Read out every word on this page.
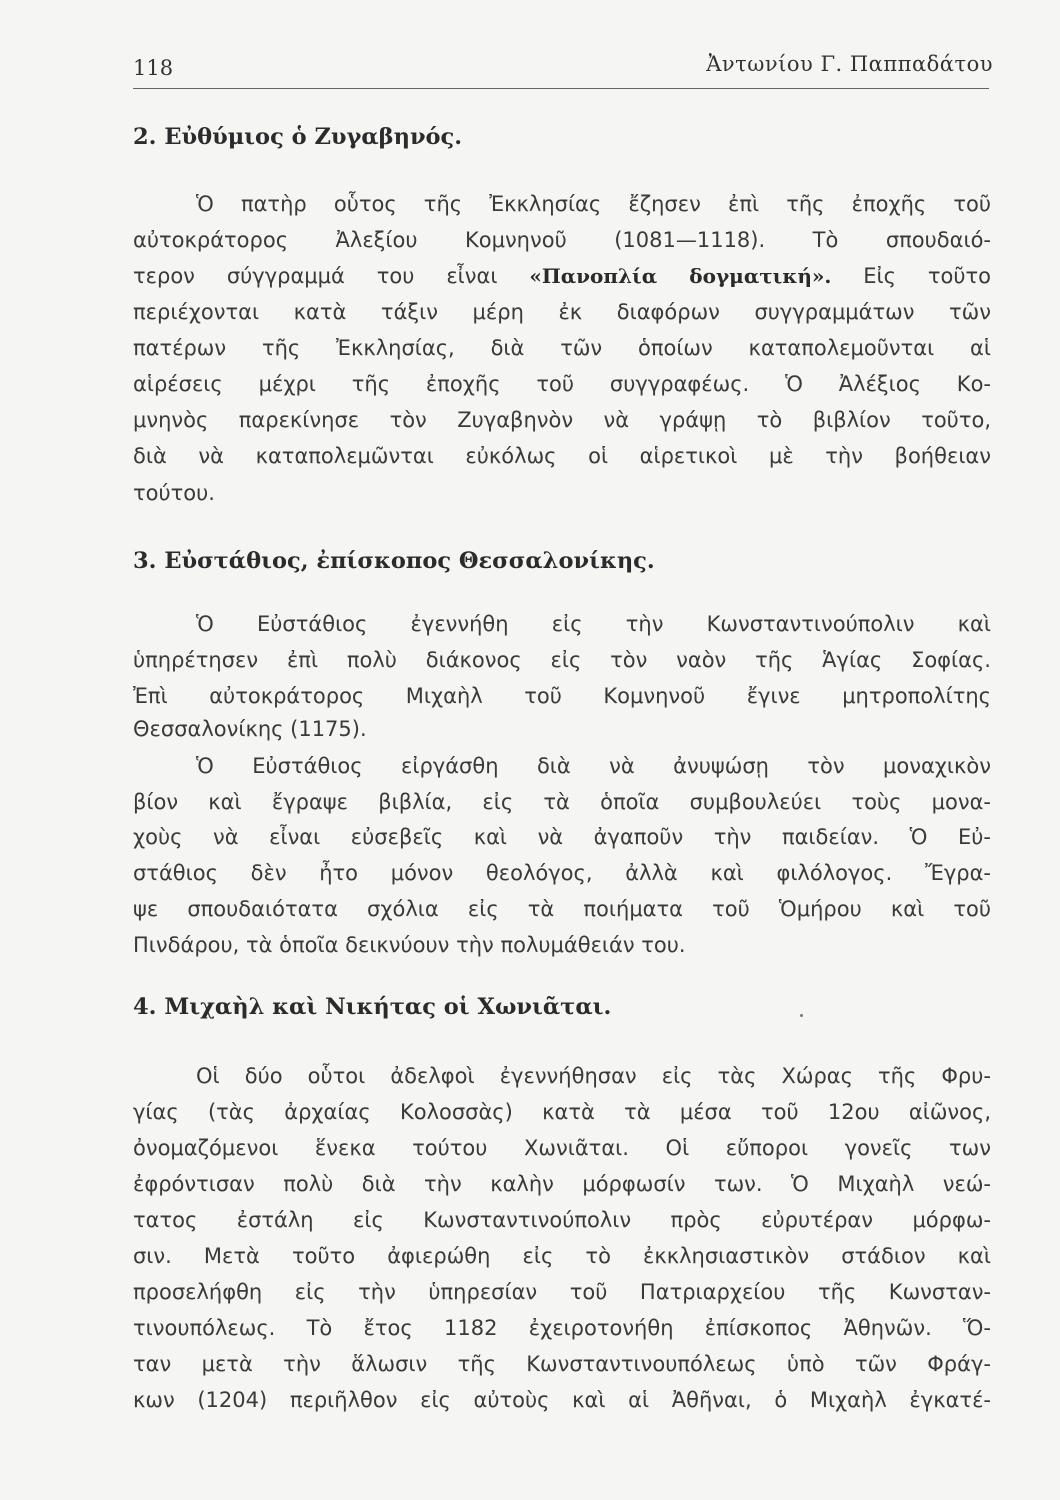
118	Ἀντωνίου Γ. Παππαδάτου
2. Εὐθύμιος ὁ Ζυγαβηνός.
Ὁ πατὴρ οὗτος τῆς Ἐκκλησίας ἔζησεν ἐπὶ τῆς ἐποχῆς τοῦ
αὐτοκράτορος Ἀλεξίου Κομνηνοῦ (1081—1118). Τὸ σπουδαιό-
τερον σύγγραμμά του εἶναι «Πανοπλία δογματική». Εἰς τοῦτο
περιέχονται κατὰ τάξιν μέρη ἐκ διαφόρων συγγραμμάτων τῶν
πατέρων τῆς Ἐκκλησίας, διὰ τῶν ὁποίων καταπολεμοῦνται αἱ
αἱρέσεις μέχρι τῆς ἐποχῆς τοῦ συγγραφέως. Ὁ Ἀλέξιος Κο-
μνηνὸς παρεκίνησε τὸν Ζυγαβηνὸν νὰ γράψῃ τὸ βιβλίον τοῦτο,
διὰ νὰ καταπολεμῶνται εὐκόλως οἱ αἱρετικοὶ μὲ τὴν βοήθειαν
τούτου.
3. Εὐστάθιος, ἐπίσκοπος Θεσσαλονίκης.
Ὁ Εὐστάθιος ἐγεννήθη εἰς τὴν Κωνσταντινούπολιν καὶ
ὑπηρέτησεν ἐπὶ πολὺ διάκονος εἰς τὸν ναὸν τῆς Ἁγίας Σοφίας.
Ἐπὶ αὐτοκράτορος Μιχαὴλ τοῦ Κομνηνοῦ ἔγινε μητροπολίτης
Θεσσαλονίκης (1175).
Ὁ Εὐστάθιος εἰργάσθη διὰ νὰ ἀνυψώσῃ τὸν μοναχικὸν
βίον καὶ ἔγραψε βιβλία, εἰς τὰ ὁποῖα συμβουλεύει τοὺς μονα-
χοὺς νὰ εἶναι εὐσεβεῖς καὶ νὰ ἀγαποῦν τὴν παιδείαν. Ὁ Εὐ-
στάθιος δὲν ἦτο μόνον θεολόγος, ἀλλὰ καὶ φιλόλογος. Ἔγρα-
ψε σπουδαιότατα σχόλια εἰς τὰ ποιήματα τοῦ Ὁμήρου καὶ τοῦ
Πινδάρου, τὰ ὁποῖα δεικνύουν τὴν πολυμάθειάν του.
4. Μιχαὴλ καὶ Νικήτας οἱ Χωνιᾶται.
Οἱ δύο οὗτοι ἀδελφοὶ ἐγεννήθησαν εἰς τὰς Χώρας τῆς Φρυ-
γίας (τὰς ἀρχαίας Κολοσσὰς) κατὰ τὰ μέσα τοῦ 12ου αἰῶνος,
ὀνομαζόμενοι ἕνεκα τούτου Χωνιᾶται. Οἱ εὔποροι γονεῖς των
ἐφρόντισαν πολὺ διὰ τὴν καλὴν μόρφωσίν των. Ὁ Μιχαὴλ νεώ-
τατος ἐστάλη εἰς Κωνσταντινούπολιν πρὸς εὐρυτέραν μόρφω-
σιν. Μετὰ τοῦτο ἀφιερώθη εἰς τὸ ἐκκλησιαστικὸν στάδιον καὶ
προσελήφθη εἰς τὴν ὑπηρεσίαν τοῦ Πατριαρχείου τῆς Κωνσταν-
τινουπόλεως. Τὸ ἔτος 1182 ἐχειροτονήθη ἐπίσκοπος Ἀθηνῶν. Ὅ-
ταν μετὰ τὴν ἅλωσιν τῆς Κωνσταντινουπόλεως ὑπὸ τῶν Φράγ-
κων (1204) περιῆλθον εἰς αὐτοὺς καὶ αἱ Ἀθῆναι, ὁ Μιχαὴλ ἐγκατέ-
